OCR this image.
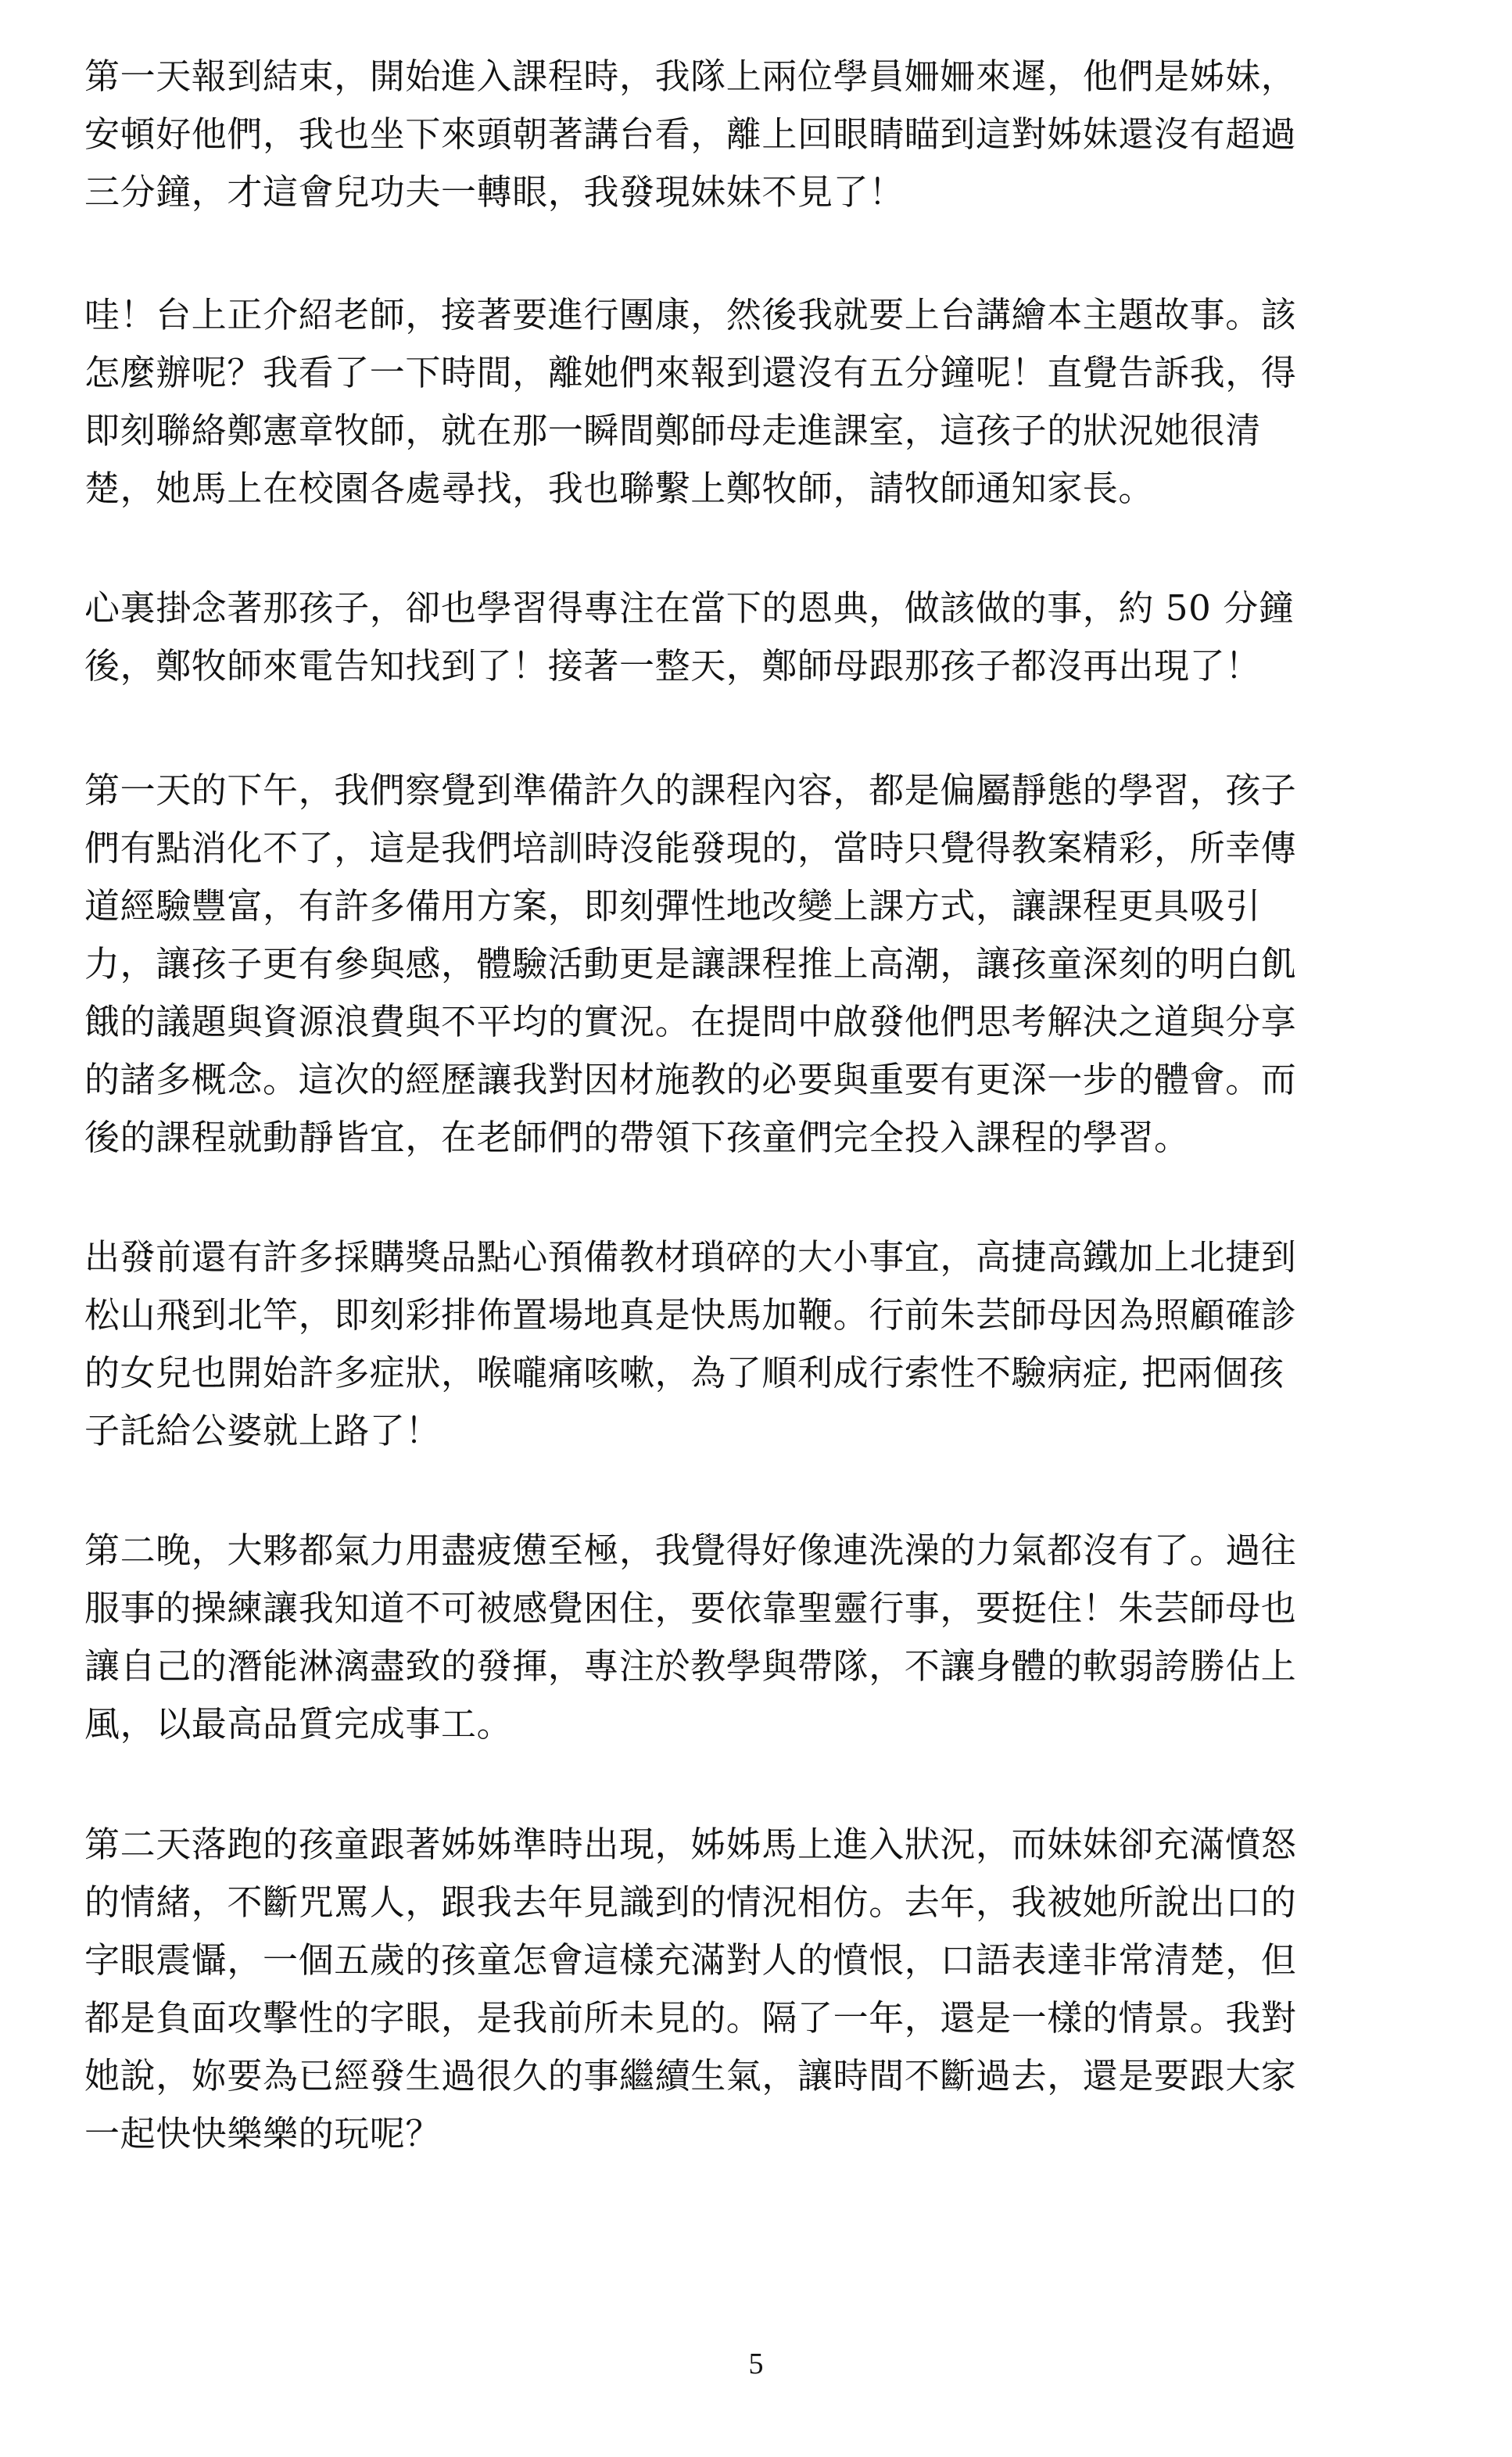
第一天報到結束，開始進入課程時，我隊上兩位學員姍姍來遲，他們是姊妹，
安頓好他們，我也坐下來頭朝著講台看，離上回眼睛瞄到這對姊妹還沒有超過
三分鐘，才這會兒功夫一轉眼，我發現妹妹不見了！
哇！台上正介紹老師，接著要進行團康，然後我就要上台講繪本主題故事。該
怎麼辦呢？我看了一下時間，離她們來報到還沒有五分鐘呢！直覺告訴我，得
即刻聯絡鄭憲章牧師，就在那一瞬間鄭師母走進課室，這孩子的狀況她很清
楚，她馬上在校園各處尋找，我也聯繫上鄭牧師，請牧師通知家長。
心裏掛念著那孩子，卻也學習得專注在當下的恩典，做該做的事，約 50 分鐘
後，鄭牧師來電告知找到了！接著一整天，鄭師母跟那孩子都沒再出現了！
第一天的下午，我們察覺到準備許久的課程內容，都是偏屬靜態的學習，孩子
們有點消化不了，這是我們培訓時沒能發現的，當時只覺得教案精彩，所幸傳
道經驗豐富，有許多備用方案，即刻彈性地改變上課方式，讓課程更具吸引
力，讓孩子更有參與感，體驗活動更是讓課程推上高潮，讓孩童深刻的明白飢
餓的議題與資源浪費與不平均的實況。在提問中啟發他們思考解決之道與分享
的諸多概念。這次的經歷讓我對因材施教的必要與重要有更深一步的體會。而
後的課程就動靜皆宜，在老師們的帶領下孩童們完全投入課程的學習。
出發前還有許多採購獎品點心預備教材瑣碎的大小事宜，高捷高鐵加上北捷到
松山飛到北竿，即刻彩排佈置場地真是快馬加鞭。行前朱芸師母因為照顧確診
的女兒也開始許多症狀，喉嚨痛咳嗽，為了順利成行索性不驗病症, 把兩個孩
子託給公婆就上路了！
第二晚，大夥都氣力用盡疲憊至極，我覺得好像連洗澡的力氣都沒有了。過往
服事的操練讓我知道不可被感覺困住，要依靠聖靈行事，要挺住！朱芸師母也
讓自己的潛能淋漓盡致的發揮，專注於教學與帶隊，不讓身體的軟弱誇勝佔上
風，以最高品質完成事工。
第二天落跑的孩童跟著姊姊準時出現，姊姊馬上進入狀況，而妹妹卻充滿憤怒
的情緒，不斷咒罵人，跟我去年見識到的情況相仿。去年，我被她所說出口的
字眼震懾，一個五歲的孩童怎會這樣充滿對人的憤恨，口語表達非常清楚，但
都是負面攻擊性的字眼，是我前所未見的。隔了一年，還是一樣的情景。我對
她說，妳要為已經發生過很久的事繼續生氣，讓時間不斷過去，還是要跟大家
一起快快樂樂的玩呢？
5
